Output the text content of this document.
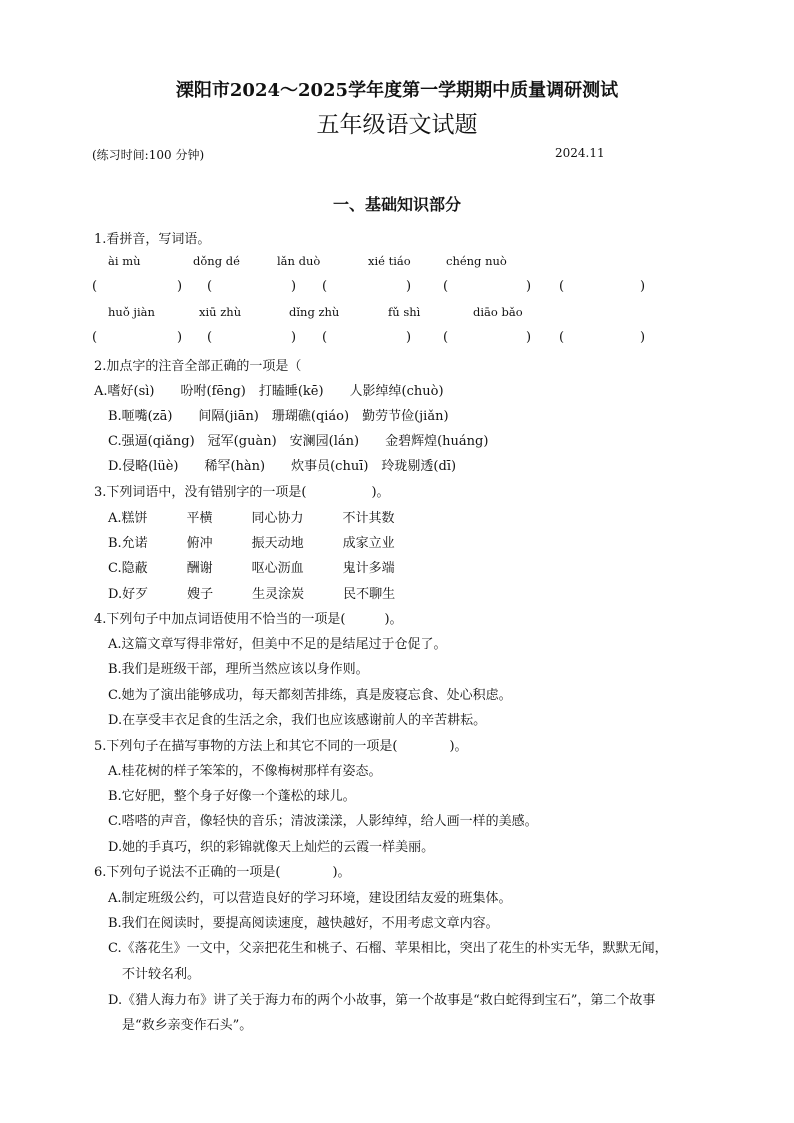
溧阳市2024～2025学年度第一学期期中质量调研测试
五年级语文试题
(练习时间:100 分钟)	2024.11
一、基础知识部分
1.看拼音，写词语。
ài mù	dǒng dé	lǎn duò	xié tiáo	chéng nuò
(	) (	) (	) (	) (	)
huǒ jiàn	xiū zhù	dǐng zhù	fǔ shì	diāo bǎo
(	) (	) (	) (	) (	)
2.加点字的注音全部正确的一项是（
A.嗜好(sì)　　吩咐(fēng)　打瞌睡(kē)　　人影绰绰(chuò)
B.咂嘴(zā)　　间隔(jiān)　珊瑚礁(qiáo)　勤劳节俭(jiǎn)
C.强逼(qiǎng)　冠军(guàn)　安澜园(lán)　　金碧辉煌(huáng)
D.侵略(lüè)　　稀罕(hàn)　　炊事员(chuī)　玲珑剔透(dī)
3.下列词语中，没有错别字的一项是(　　　　　)。
A.糕饼　　　平横　　　同心协力　　　不计其数
B.允诺　　　俯冲　　　振天动地　　　成家立业
C.隐蔽　　　酬谢　　　呕心沥血　　　鬼计多端
D.好歹　　　嫂子　　　生灵涂炭　　　民不聊生
4.下列句子中加点词语使用不恰当的一项是(　　　)。
A.这篇文章写得非常好，但美中不足的是结尾过于仓促了。
B.我们是班级干部，理所当然应该以身作则。
C.她为了演出能够成功，每天都刻苦排练，真是废寝忘食、处心积虑。
D.在享受丰衣足食的生活之余，我们也应该感谢前人的辛苦耕耘。
5.下列句子在描写事物的方法上和其它不同的一项是(　　　　)。
A.桂花树的样子笨笨的，不像梅树那样有姿态。
B.它好肥，整个身子好像一个蓬松的球儿。
C.嗒嗒的声音，像轻快的音乐；清波漾漾，人影绰绰，给人画一样的美感。
D.她的手真巧，织的彩锦就像天上灿烂的云霞一样美丽。
6.下列句子说法不正确的一项是(　　　　)。
A.制定班级公约，可以营造良好的学习环境，建设团结友爱的班集体。
B.我们在阅读时，要提高阅读速度，越快越好，不用考虑文章内容。
C.《落花生》一文中，父亲把花生和桃子、石榴、苹果相比，突出了花生的朴实无华，默默无闻，
不计较名利。
D.《猎人海力布》讲了关于海力布的两个小故事，第一个故事是“救白蛇得到宝石”，第二个故事
是“救乡亲变作石头”。
